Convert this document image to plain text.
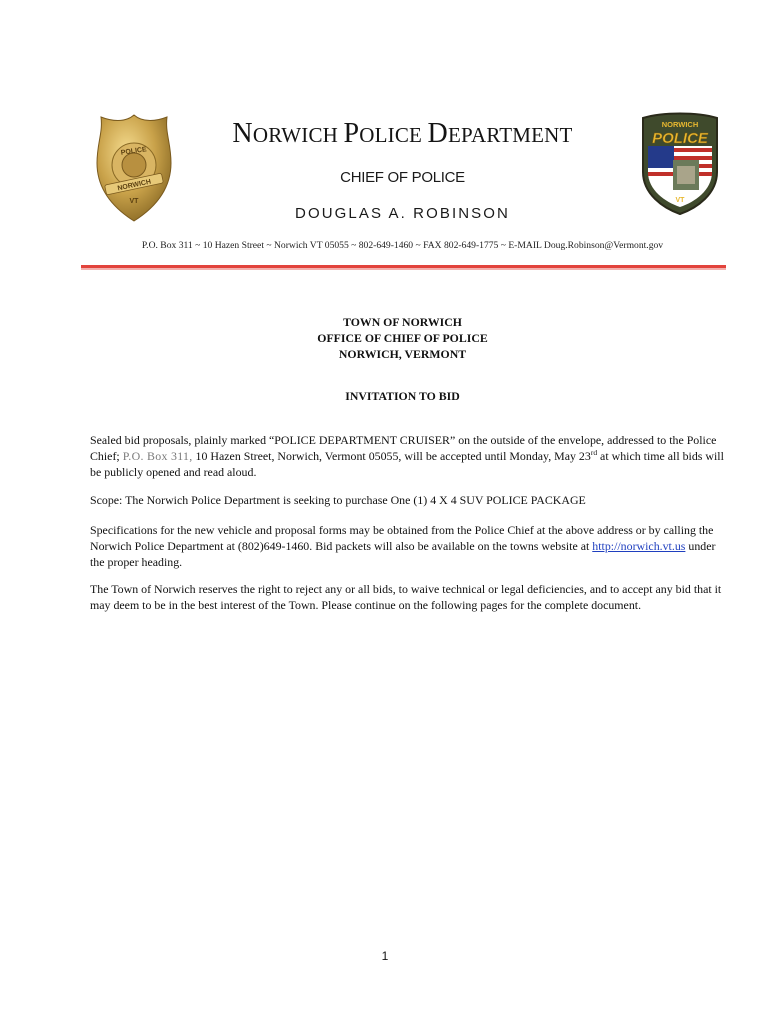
POLICE
NORWICH
VT
NORWICH
POLICE
VT
NORWICH POLICE DEPARTMENT
CHIEF OF POLICE
DOUGLAS A. ROBINSON
P.O. Box 311 ~ 10 Hazen Street ~ Norwich VT 05055 ~ 802-649-1460 ~ FAX 802-649-1775 ~ E-MAIL Doug.Robinson@Vermont.gov
TOWN OF NORWICH
OFFICE OF CHIEF OF POLICE
NORWICH, VERMONT
INVITATION TO BID
Sealed bid proposals, plainly marked “POLICE DEPARTMENT CRUISER” on the outside of the envelope, addressed to the Police Chief; P.O. Box 311, 10 Hazen Street, Norwich, Vermont 05055, will be accepted until Monday, May 23rd at which time all bids will be publicly opened and read aloud.
Scope: The Norwich Police Department is seeking to purchase One (1) 4 X 4 SUV POLICE PACKAGE
Specifications for the new vehicle and proposal forms may be obtained from the Police Chief at the above address or by calling the Norwich Police Department at (802)649-1460. Bid packets will also be available on the towns website at http://norwich.vt.us under the proper heading.
The Town of Norwich reserves the right to reject any or all bids, to waive technical or legal deficiencies, and to accept any bid that it may deem to be in the best interest of the Town. Please continue on the following pages for the complete document.
1
